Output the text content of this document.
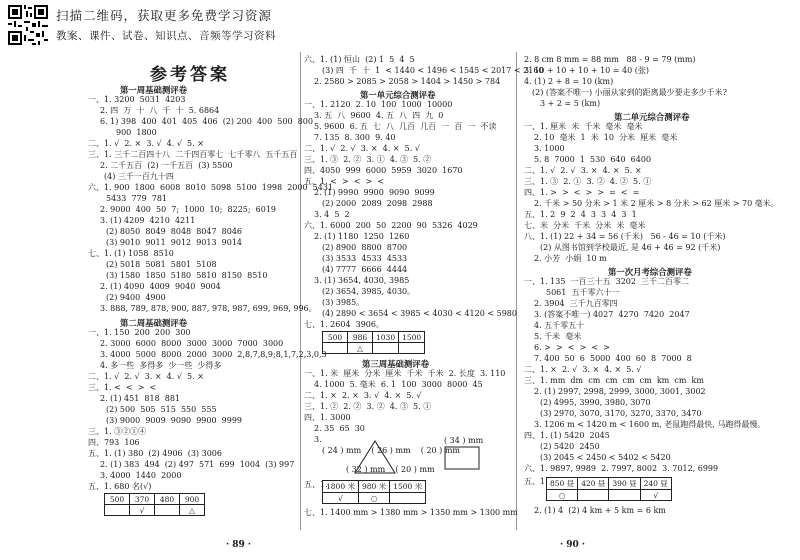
扫描二维码，获取更多免费学习资源
教案、课件、试卷、知识点、音频等学习资料
参考答案
第一周基础测评卷
一、1. 3200  5031  4203
2. 四  万  十  八  千  十  5. 6864
6. 1) 398  400  401  405  406  (2) 200  400  500  800
900  1800
二、1. √  2. ×  3. √  4. √  5. ×
三、1. 三千二百四十八  二千四百零七  七千零八  五千五百
2. 二千五百  (2) 一千五百  (3) 5500
(4) 三千一百九十四
六、1. 900  1800  6008  8010  5098  5100  1998  2000  5431
5433  779  781
2. 9000  400  50  7;  1000  10;  8225;  6019
3. (1) 4209  4210  4211
(2) 8050  8049  8048  8047  8046
(3) 9010  9011  9012  9013  9014
七、1. (1) 1058  8510
(2) 5018  5081  5801  5108
(3) 1580  1850  5180  5810  8150  8510
2. (1) 4090  4009  9040  9004
(2) 9400  4900
3. 888, 789, 878, 900, 887, 978, 987, 699, 969, 996。
第二周基础测评卷
一、1. 150  200  200  300
2. 3000  6000  8000  3000  3000  7000  3000
3. 4000  5000  8000  2000  3000  2,8,7,8,9;8,1,7,2,3,0,3
4. 多一些  多得多  少一些  少得多
二、1. √  2. √  3. ×  4. √  5. ×
三、1. <  <  >  <
2. (1) 451  818  881
(2) 500  505  515  550  555
(3) 9000  9009  9090  9900  9999
三、1. ③②①④
四、793  106
五、1. (1) 380  (2) 4906  (3) 3006
2. (1) 383  494  (2) 497  571  699  1004  (3) 997
3. 4000  1440  2000
五、1. 680 名(√)
500	370	480	900
	√		△
· 89 ·
六、1. (1) 恒山  (2) 1  5  4  5
(3) 四  千  十  1  < 1440 < 1496 < 1545 < 2017 < 2160
2. 2580 > 2085 > 2058 > 1404 > 1450 > 784
第一单元综合测评卷
一、1. 2120  2. 10  100  1000  10000
3. 五  八  9600  4. 五  八  四  九  0
5. 9600  6. 五  七  八  几百  几百  一  百  一  不读
7. 135  8. 300  9. 40
二、1. √  2. √  3. ×  4. ×  5. √
三、1. ③  2. ②  3. ①  4. ③  5. ②
四、4050  999  6000  5959  3020  1670
五、1. <  >  <  >  <
2. (1) 9990  9900  9090  9099
(2) 2000  2089  2098  2988
3. 4  5  2
六、1. 6000  200  50  2200  90  5326  4029
2. (1) 1180  1250  1260
(2) 8900  8800  8700
(3) 3533  4533  4533
(4) 7777  6666  4444
3. (1) 3654, 4030, 3985
(2) 3654, 3985, 4030。
(3) 3985。
(4) 2890 < 3654 < 3985 < 4030 < 4120 < 5980
七、1. 2604  3906。
500	986	1030	1500
	△		
第三周基础测评卷
一、1. 米  厘米  分米  厘米  千米  千米  2. 长度  3. 110
4. 1000  5. 毫米  6. 1  100  3000  8000  45
二、1. ×  2. ×  3. √  4. ×  5. √
三、1. ②  2. ②  3. ②  4. ③  5. ①
四、1. 3000
2. 35  65  30
3.
( 24 ) mm    ( 26 ) mm    ( 20 ) mm
( 34 ) mm
( 32 ) mm    ( 20 ) mm
五、1.
1800 米	980 米	1500 米
√	○	
七、1. 1400 mm > 1380 mm > 1350 mm > 1300 mm
2. 8 cm 8 mm = 88 mm   88 - 9 = 79 (mm)
3. 10 + 10 + 10 + 10 = 40 (张)
4. (1) 2 + 8 = 10 (km)
(2) (答案不唯一) 小丽从家到的距离最少要走多少千米?
3 + 2 = 5 (km)
第二单元综合测评卷
一、1. 厘米  米  千米  毫米  毫米
2. 10  毫米  1  米  10  分米  厘米  毫米
3. 1000
5. 8  7000  1  530  640  6400
二、1. √  2. √  3. ×  4. ×  5. ×
三、1. ③  2. ①  3. ②  4. ②  5. ①
四、1. >  >  <  >  >  =  <  =
2. 千米 > 50 分米 > 1 米 2 厘米 > 8 分米 > 62 厘米 > 70 毫米。
五、1. 2  9  2  4  3  3  4  3  1
七、米  分米  千米  分米  米  毫米
八、1. (1) 22 + 34 = 56 (千米)   56 - 46 = 10 (千米)
(2) 从图书馆到学校最近, 是 46 + 46 = 92 (千米)
2. 小芳  小娟  10 m
第一次月考综合测评卷
一、1. 135  一百三十五  3202  三千二百零二
5061  五千零六十一
2. 3904  三千九百零四
3. (答案不唯一) 4027  4270  7420  2047
4. 五千零五十
5. 千米  毫米
6. >  >  <  >  <  >
7. 400  50  6  5000  400  60  8  7000  8
二、1. ×  2. √  3. ×  4. ×  5. √
三、1. mm  dm  cm  cm  cm  cm  km  cm  km
2. (1) 2997, 2998, 2999, 3000, 3001, 3002
(2) 4995, 3990, 3980, 3070
(3) 2970, 3070, 3170, 3270, 3370, 3470
3. 1206 m < 1420 m < 1600 m, 老鼠跑得最快, 马跑得最慢。
四、1. (1) 5420  2045
(2) 5420  2450
(3) 2045 < 2450 < 5402 < 5420
六、1. 9897, 9989  2. 7997, 8002  3. 7012, 6999
五、1. 850 昼	420 昼	390 昼	240 昼
○			√
2. (1) 4  (2) 4 km + 5 km = 6 km
· 90 ·
